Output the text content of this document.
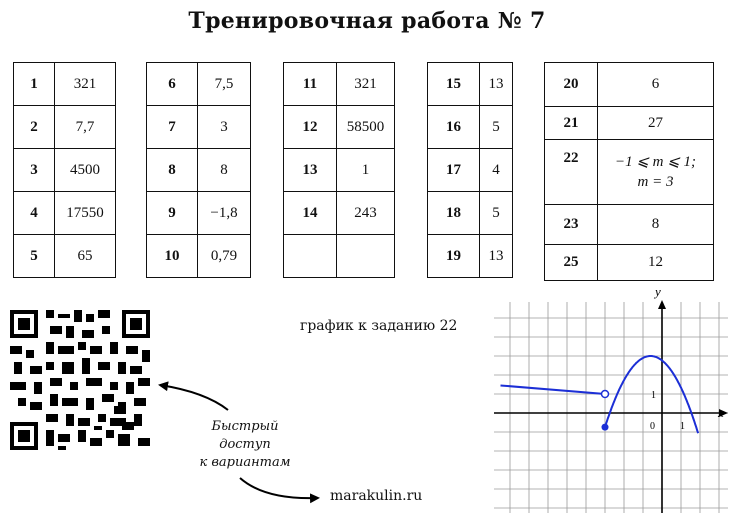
Тренировочная работа № 7
1	321
2	7,7
3	4500
4	17550
5	65
6	7,5
7	3
8	8
9	−1,8
10	0,79
11	321
12	58500
13	1
14	243

15	13
16	5
17	4
18	5
19	13
20	6
21	27
22	−1 ⩽ m ⩽ 1;
m = 3

23	8
25	12
Быстрый
доступ
к вариантам
marakulin.ru
график к заданию 22
x
y
0	1
1
